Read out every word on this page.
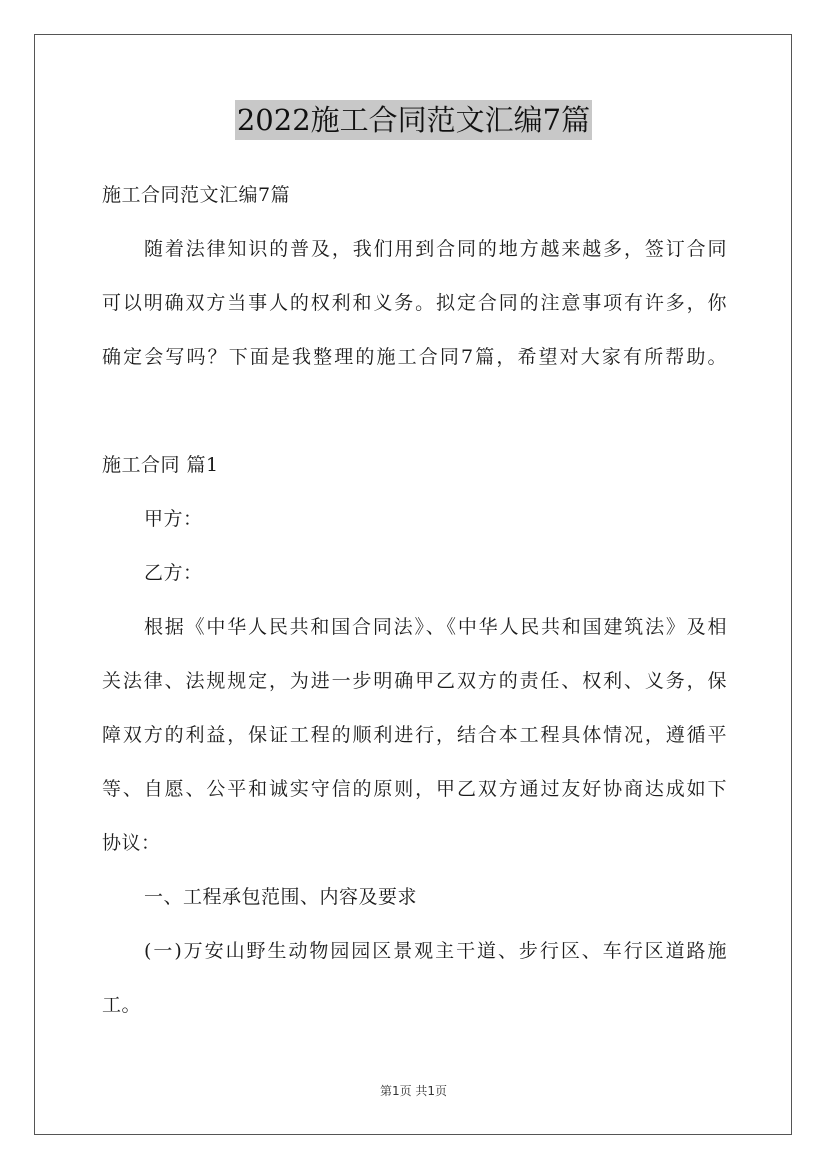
2022施工合同范文汇编7篇
施工合同范文汇编7篇
随着法律知识的普及，我们用到合同的地方越来越多，签订合同
可以明确双方当事人的权利和义务。拟定合同的注意事项有许多，你
确定会写吗？下面是我整理的施工合同7篇，希望对大家有所帮助。
施工合同 篇1
甲方：
乙方：
根据《中华人民共和国合同法》、《中华人民共和国建筑法》及相
关法律、法规规定，为进一步明确甲乙双方的责任、权利、义务，保
障双方的利益，保证工程的顺利进行，结合本工程具体情况，遵循平
等、自愿、公平和诚实守信的原则，甲乙双方通过友好协商达成如下
协议：
一、工程承包范围、内容及要求
(一)万安山野生动物园园区景观主干道、步行区、车行区道路施
工。
第1页 共1页
